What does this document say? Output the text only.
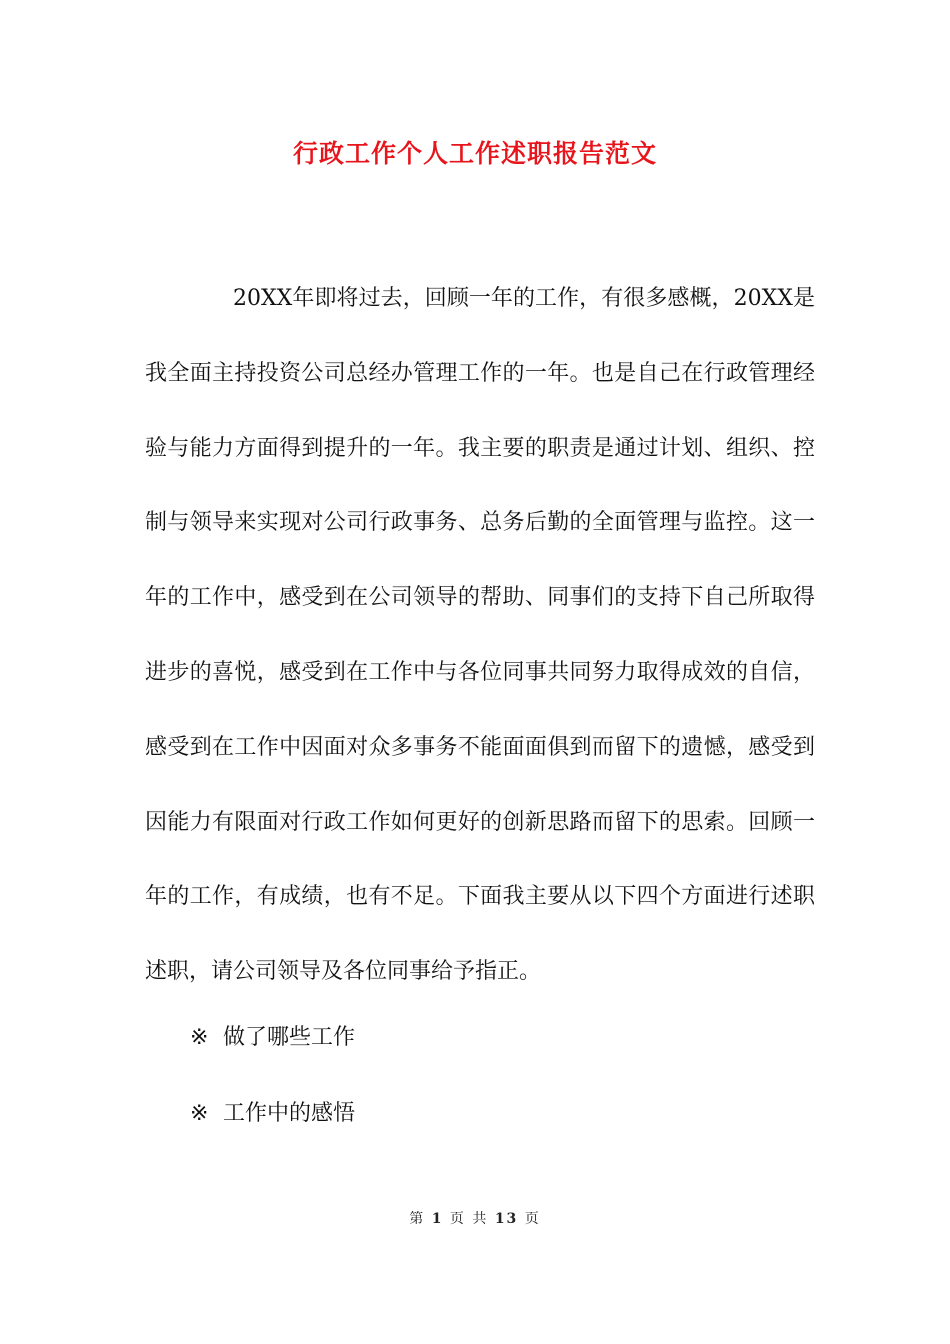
行政工作个人工作述职报告范文

20XX年即将过去，回顾一年的工作，有很多感概，20XX是我全面主持投资公司总经办管理工作的一年。也是自己在行政管理经验与能力方面得到提升的一年。我主要的职责是通过计划、组织、控制与领导来实现对公司行政事务、总务后勤的全面管理与监控。这一年的工作中，感受到在公司领导的帮助、同事们的支持下自己所取得进步的喜悦，感受到在工作中与各位同事共同努力取得成效的自信，感受到在工作中因面对众多事务不能面面俱到而留下的遗憾，感受到因能力有限面对行政工作如何更好的创新思路而留下的思索。回顾一年的工作，有成绩，也有不足。下面我主要从以下四个方面进行述职述职，请公司领导及各位同事给予指正。

※ 做了哪些工作

※ 工作中的感悟

第 1 页 共 13 页
